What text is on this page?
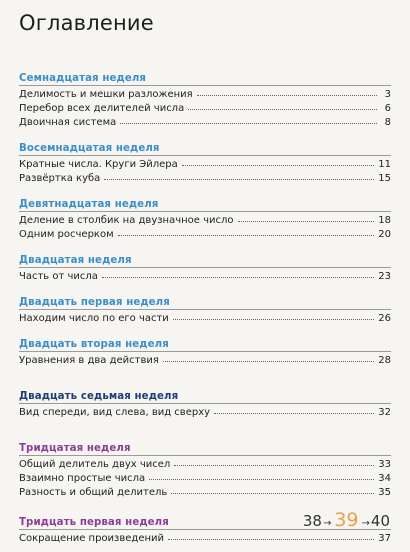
Оглавление
Семнадцатая неделя
Делимость и мешки разложения	3
Перебор всех делителей числа	6
Двоичная система	8
Восемнадцатая неделя
Кратные числа. Круги Эйлера	11
Развёртка куба	15
Девятнадцатая неделя
Деление в столбик на двузначное число	18
Одним росчерком	20
Двадцатая неделя
Часть от числа	23
Двадцать первая неделя
Находим число по его части	26
Двадцать вторая неделя
Уравнения в два действия	28
Двадцать седьмая неделя
Вид спереди, вид слева, вид сверху	32
Тридцатая неделя
Общий делитель двух чисел	33
Взаимно простые числа	34
Разность и общий делитель	35
Тридцать первая неделя
Сокращение произведений	37
38 → 39 → 40
